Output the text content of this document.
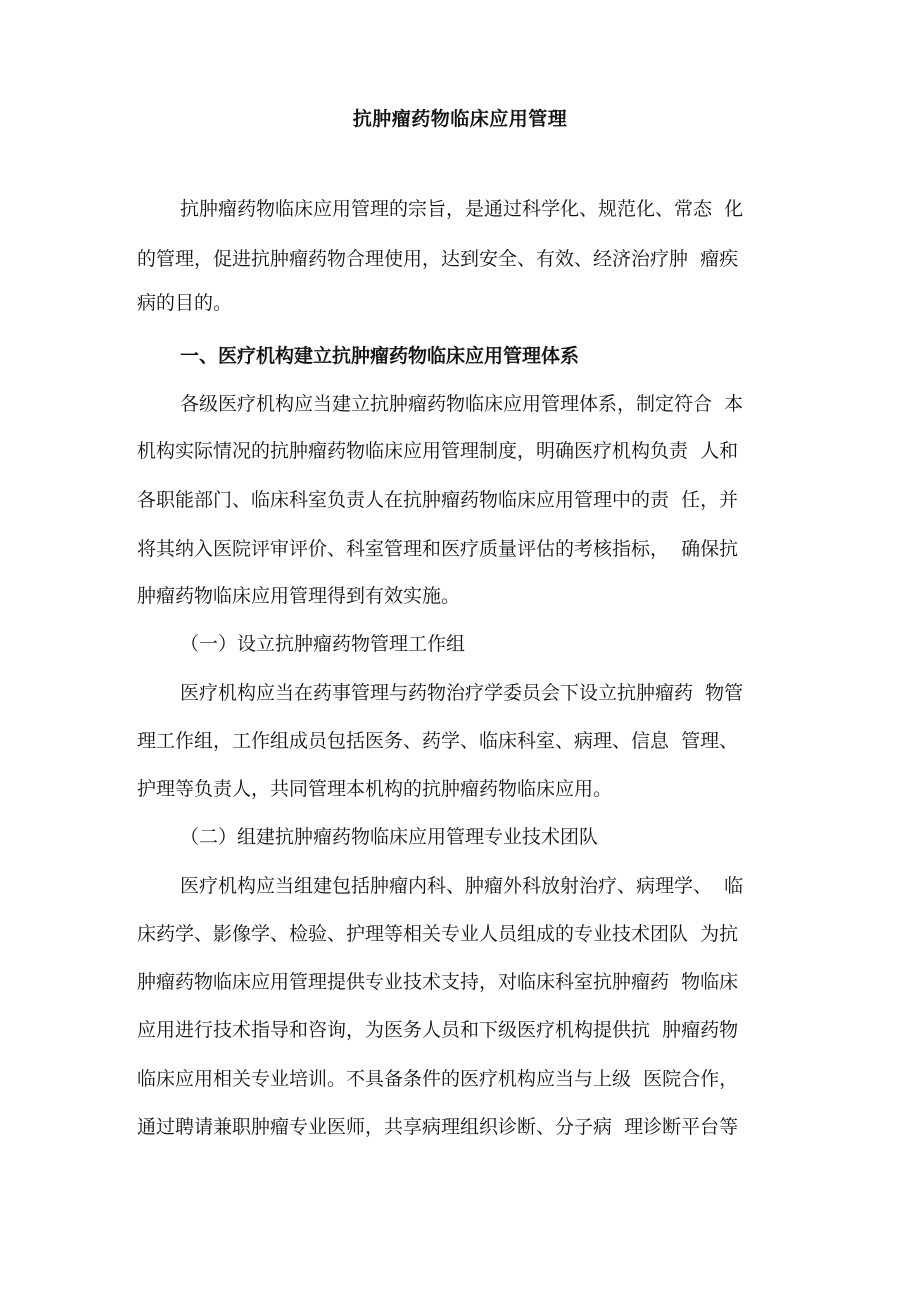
抗肿瘤药物临床应用管理

抗肿瘤药物临床应用管理的宗旨，是通过科学化、规范化、常态  化

的管理，促进抗肿瘤药物合理使用，达到安全、有效、经济治疗肿  瘤疾

病的目的。

一、医疗机构建立抗肿瘤药物临床应用管理体系

各级医疗机构应当建立抗肿瘤药物临床应用管理体系，制定符合  本

机构实际情况的抗肿瘤药物临床应用管理制度，明确医疗机构负责  人和

各职能部门、临床科室负责人在抗肿瘤药物临床应用管理中的责  任，并

将其纳入医院评审评价、科室管理和医疗质量评估的考核指标，  确保抗

肿瘤药物临床应用管理得到有效实施。

（一）设立抗肿瘤药物管理工作组

医疗机构应当在药事管理与药物治疗学委员会下设立抗肿瘤药  物管

理工作组，工作组成员包括医务、药学、临床科室、病理、信息  管理、

护理等负责人，共同管理本机构的抗肿瘤药物临床应用。

（二）组建抗肿瘤药物临床应用管理专业技术团队

医疗机构应当组建包括肿瘤内科、肿瘤外科放射治疗、病理学、  临

床药学、影像学、检验、护理等相关专业人员组成的专业技术团队  为抗

肿瘤药物临床应用管理提供专业技术支持，对临床科室抗肿瘤药  物临床

应用进行技术指导和咨询，为医务人员和下级医疗机构提供抗  肿瘤药物

临床应用相关专业培训。不具备条件的医疗机构应当与上级  医院合作，

通过聘请兼职肿瘤专业医师，共享病理组织诊断、分子病  理诊断平台等
